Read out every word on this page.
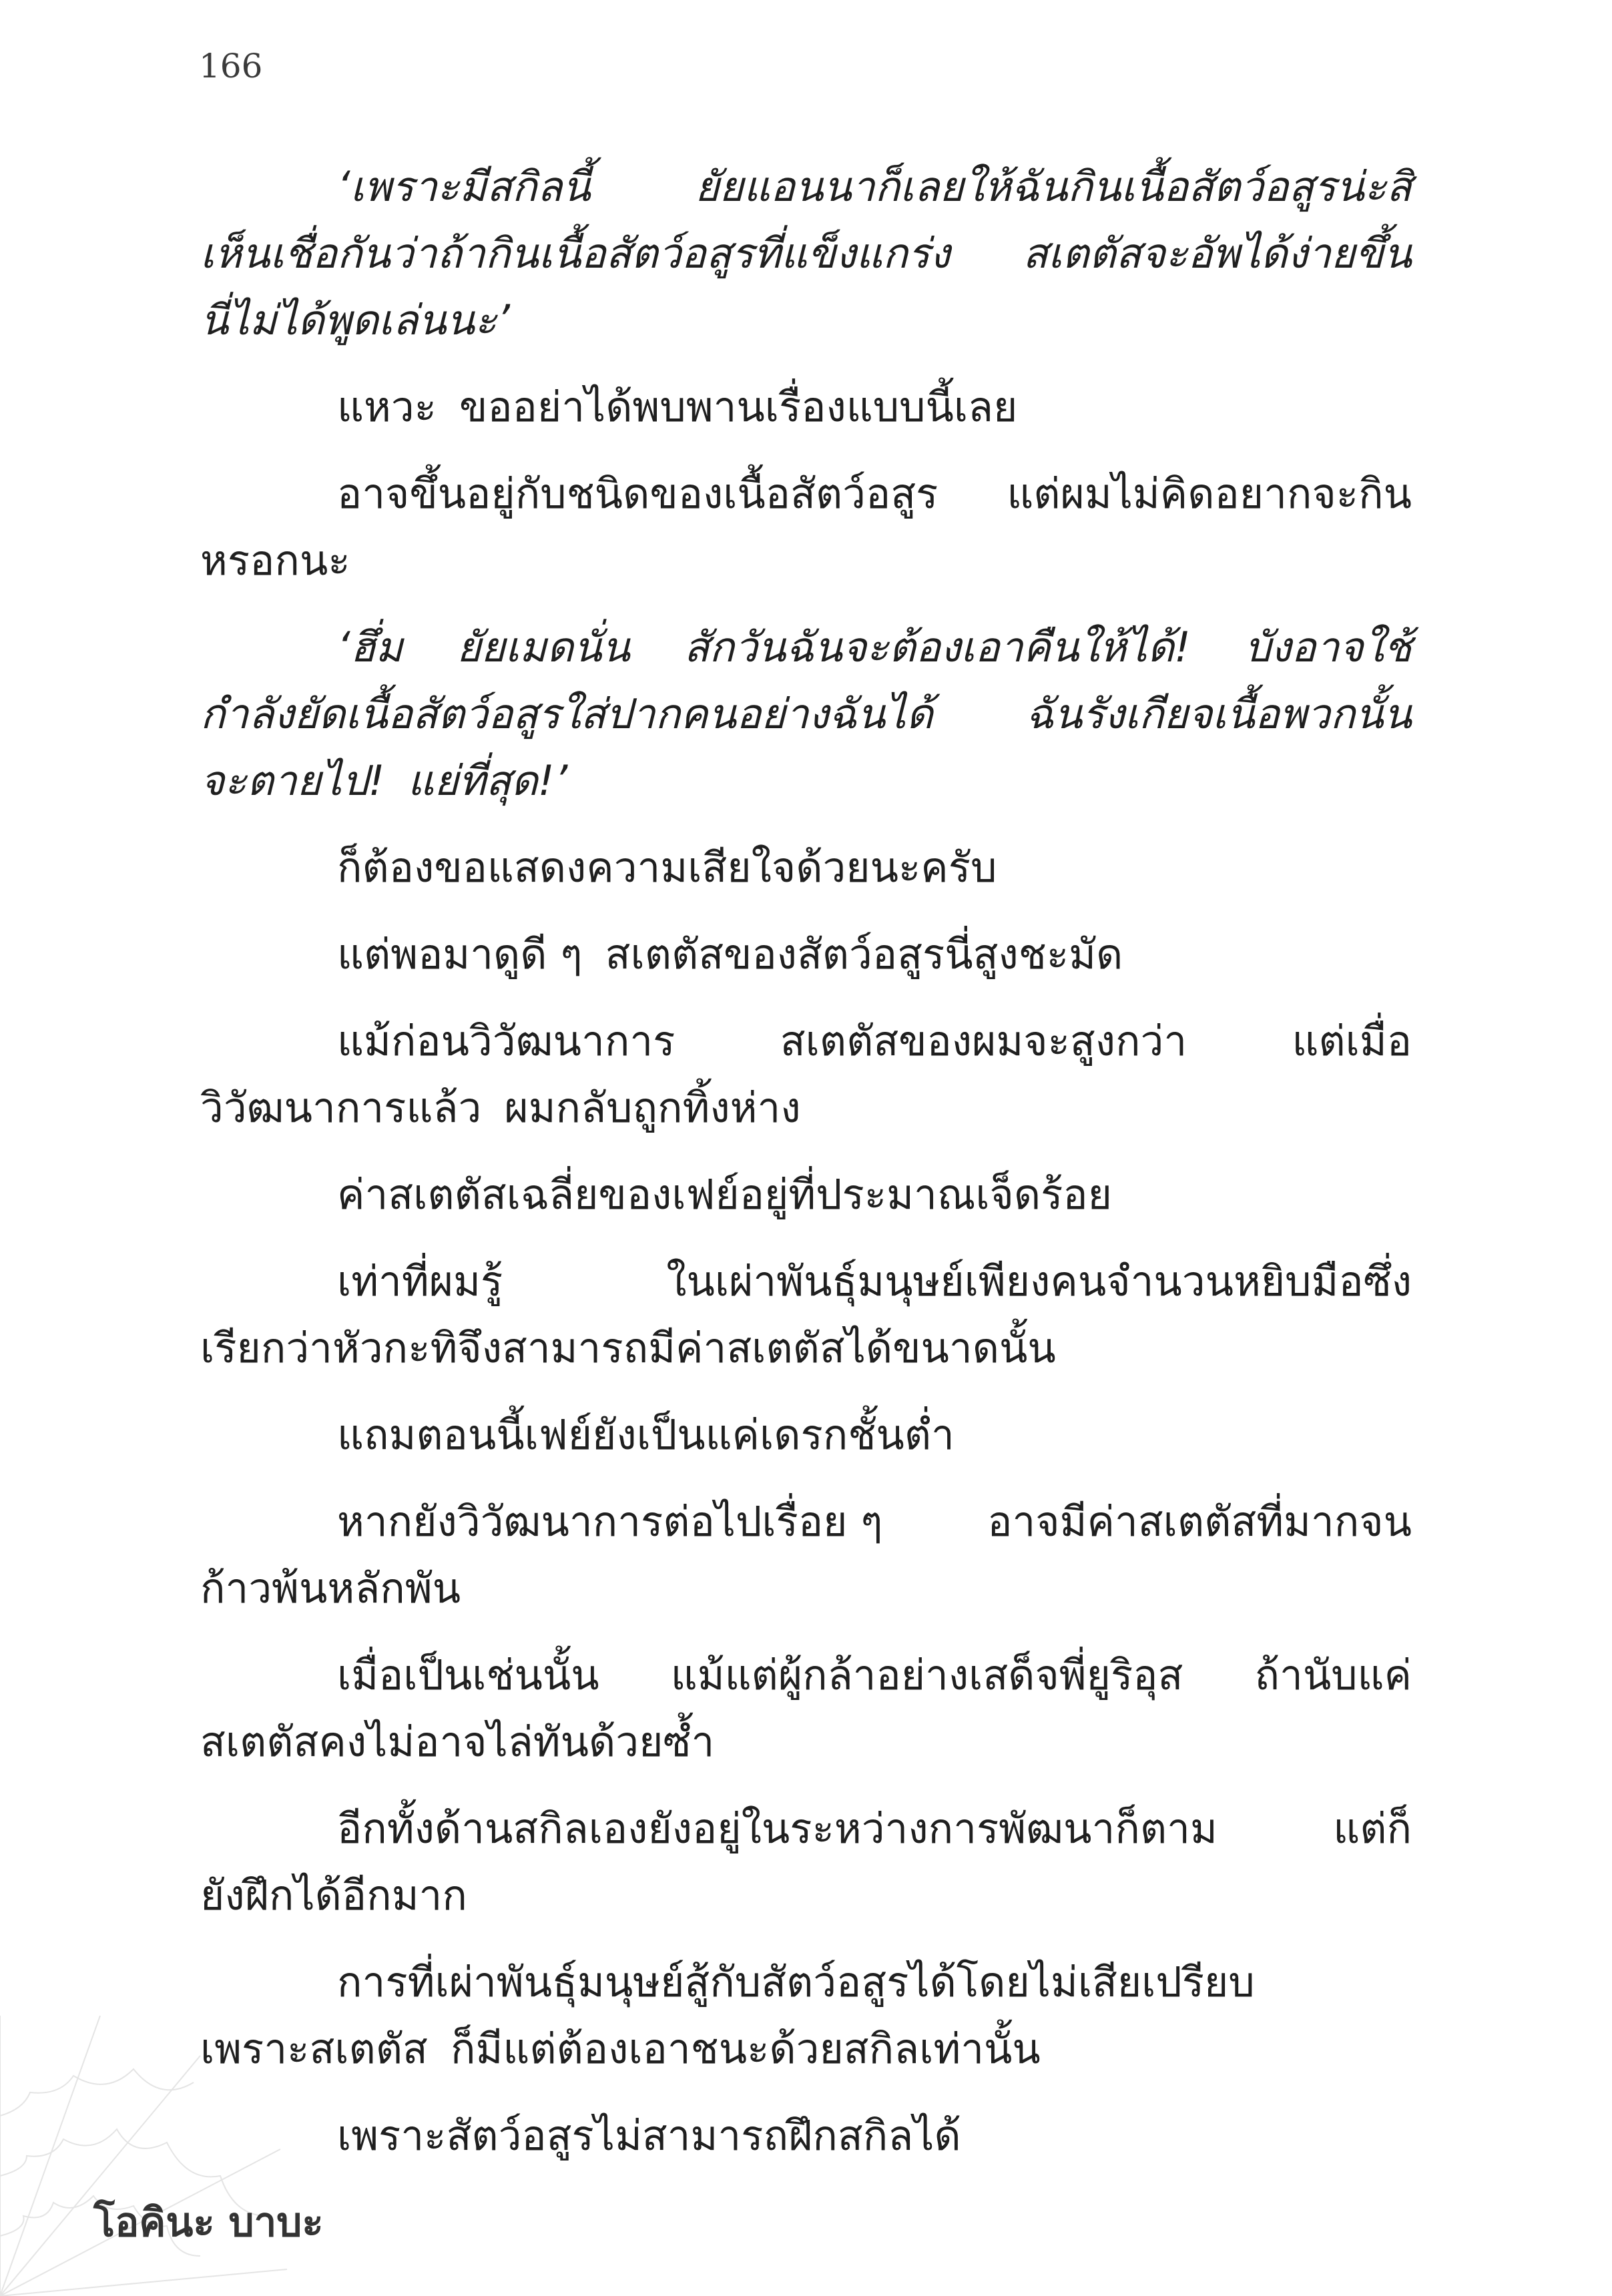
166
‘เพราะมีสกิลนี้	ยัยแอนนาก็เลยให้ฉันกินเนื้อสัตว์อสูรน่ะสิ
เห็นเชื่อกันว่าถ้ากินเนื้อสัตว์อสูรที่แข็งแกร่ง สเตตัสจะอัพได้ง่ายขึ้น
นี่ไม่ได้พูดเล่นนะ’
แหวะ ขออย่าได้พบพานเรื่องแบบนี้เลย
อาจขึ้นอยู่กับชนิดของเนื้อสัตว์อสูร แต่ผมไม่คิดอยากจะกิน
หรอกนะ
‘ฮึ่ม ยัยเมดนั่น สักวันฉันจะต้องเอาคืนให้ได้! บังอาจใช้
กำลังยัดเนื้อสัตว์อสูรใส่ปากคนอย่างฉันได้ ฉันรังเกียจเนื้อพวกนั้น
จะตายไป! แย่ที่สุด!’
ก็ต้องขอแสดงความเสียใจด้วยนะครับ
แต่พอมาดูดี ๆ สเตตัสของสัตว์อสูรนี่สูงชะมัด
แม้ก่อนวิวัฒนาการ	สเตตัสของผมจะสูงกว่า	แต่เมื่อ
วิวัฒนาการแล้ว ผมกลับถูกทิ้งห่าง
ค่าสเตตัสเฉลี่ยของเฟย์อยู่ที่ประมาณเจ็ดร้อย
เท่าที่ผมรู้	ในเผ่าพันธุ์มนุษย์เพียงคนจำนวนหยิบมือซึ่ง
เรียกว่าหัวกะทิจึงสามารถมีค่าสเตตัสได้ขนาดนั้น
แถมตอนนี้เฟย์ยังเป็นแค่เดรกชั้นต่ำ
หากยังวิวัฒนาการต่อไปเรื่อย ๆ	อาจมีค่าสเตตัสที่มากจน
ก้าวพ้นหลักพัน
เมื่อเป็นเช่นนั้น แม้แต่ผู้กล้าอย่างเสด็จพี่ยูริอุส ถ้านับแค่
สเตตัสคงไม่อาจไล่ทันด้วยซ้ำ
อีกทั้งด้านสกิลเองยังอยู่ในระหว่างการพัฒนาก็ตาม	แต่ก็
ยังฝึกได้อีกมาก
การที่เผ่าพันธุ์มนุษย์สู้กับสัตว์อสูรได้โดยไม่เสียเปรียบ
เพราะสเตตัส ก็มีแต่ต้องเอาชนะด้วยสกิลเท่านั้น
เพราะสัตว์อสูรไม่สามารถฝึกสกิลได้
โอคินะ บาบะ
